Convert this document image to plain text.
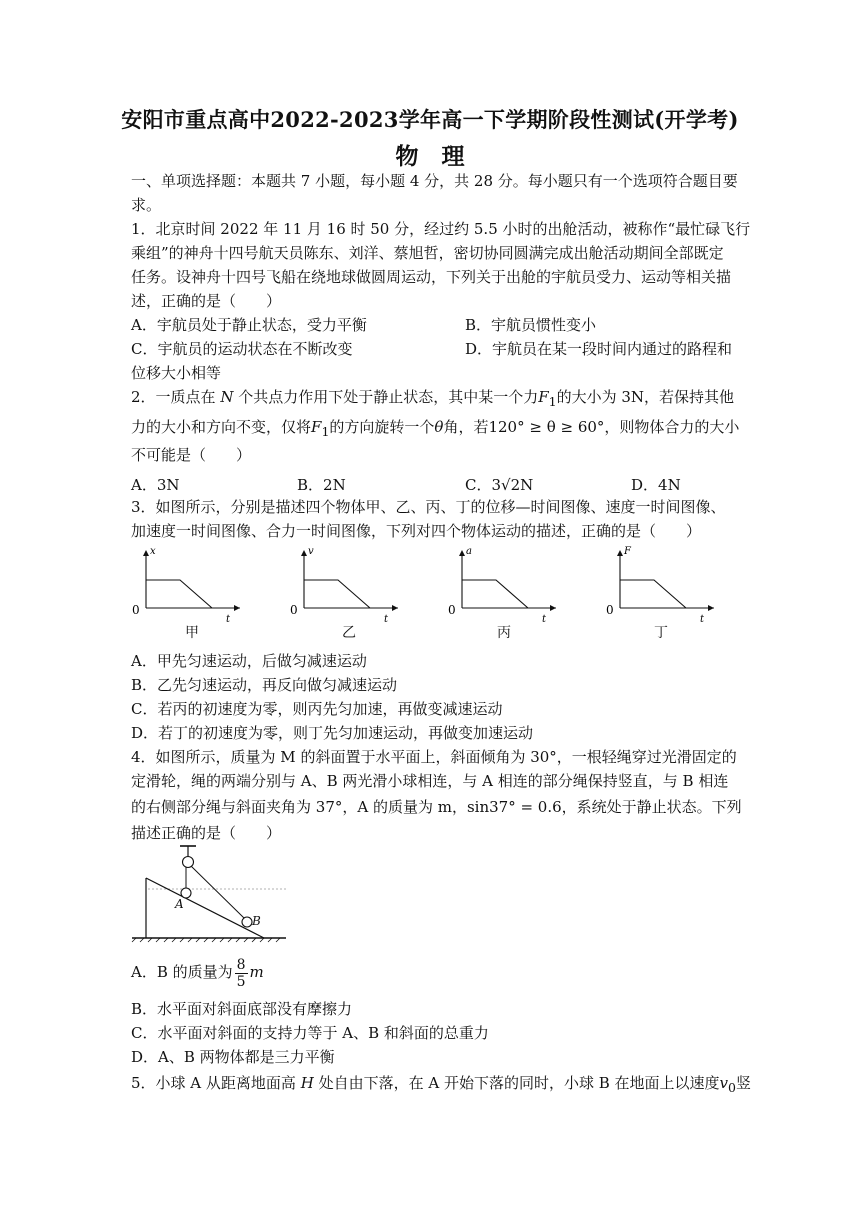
安阳市重点高中2022-2023学年高一下学期阶段性测试(开学考)
物　理
一、单项选择题：本题共 7 小题，每小题 4 分，共 28 分。每小题只有一个选项符合题目要
求。
1．北京时间 2022 年 11 月 16 时 50 分，经过约 5.5 小时的出舱活动，被称作“最忙碌飞行
乘组”的神舟十四号航天员陈东、刘洋、蔡旭哲，密切协同圆满完成出舱活动期间全部既定
任务。设神舟十四号飞船在绕地球做圆周运动，下列关于出舱的宇航员受力、运动等相关描
述，正确的是（　　）
A．宇航员处于静止状态，受力平衡	B．宇航员惯性变小
C．宇航员的运动状态在不断改变	D．宇航员在某一段时间内通过的路程和
位移大小相等
2．一质点在 N 个共点力作用下处于静止状态，其中某一个力$F_1$的大小为 3N，若保持其他
力的大小和方向不变，仅将$F_1$的方向旋转一个θ角，若120° ≥ θ ≥ 60°，则物体合力的大小
不可能是（　　）
A．3N	B．2N	C．3√2N	D．4N
3．如图所示，分别是描述四个物体甲、乙、丙、丁的位移—时间图像、速度一时间图像、
加速度一时间图像、合力一时间图像，下列对四个物体运动的描述，正确的是（　　）
x
0
t
v
0
t
a
0
t
F
0
t
甲	乙	丙	丁
A．甲先匀速运动，后做匀减速运动
B．乙先匀速运动，再反向做匀减速运动
C．若丙的初速度为零，则丙先匀加速，再做变减速运动
D．若丁的初速度为零，则丁先匀加速运动，再做变加速运动
4．如图所示，质量为 M 的斜面置于水平面上，斜面倾角为 30°，一根轻绳穿过光滑固定的
定滑轮，绳的两端分别与 A、B 两光滑小球相连，与 A 相连的部分绳保持竖直，与 B 相连
的右侧部分绳与斜面夹角为 37°，A 的质量为 m，sin37° = 0.6，系统处于静止状态。下列
描述正确的是（　　）
A
B
A．B 的质量为 $\frac{8}{5}$ m
B．水平面对斜面底部没有摩擦力
C．水平面对斜面的支持力等于 A、B 和斜面的总重力
D．A、B 两物体都是三力平衡
5．小球 A 从距离地面高 H 处自由下落，在 A 开始下落的同时，小球 B 在地面上以速度$v_0$竖
